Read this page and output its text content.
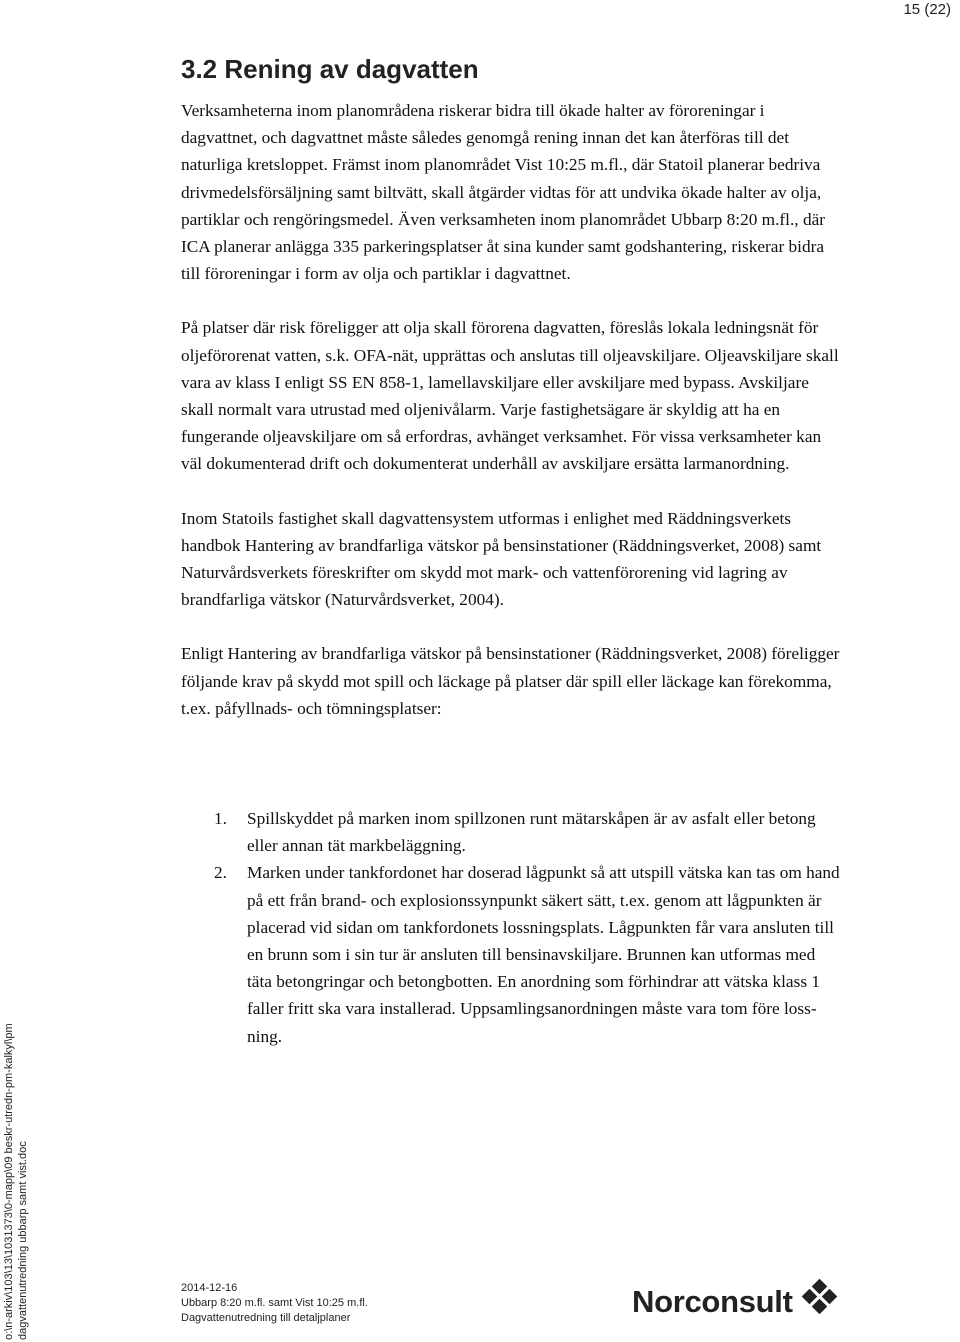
15 (22)
3.2 Rening av dagvatten

Verksamheterna inom planområdena riskerar bidra till ökade halter av föroreningar i dagvattnet, och dagvattnet måste således genomgå rening innan det kan återföras till det naturliga kretsloppet. Främst inom planområdet Vist 10:25 m.fl., där Statoil planerar bedriva drivmedelsförsäljning samt biltvätt, skall åtgärder vidtas för att undvika ökade halter av olja, partiklar och rengöringsmedel. Även verksamheten inom planområdet Ubbarp 8:20 m.fl., där ICA planerar anlägga 335 parkeringsplatser åt sina kunder samt godshantering, riskerar bidra till föroreningar i form av olja och partiklar i dagvattnet.

På platser där risk föreligger att olja skall förorena dagvatten, föreslås lokala ledningsnät för oljeförorenat vatten, s.k. OFA-nät, upprättas och anslutas till oljeavskiljare. Oljeavskiljare skall vara av klass I enligt SS EN 858-1, lamellavskiljare eller avskiljare med bypass. Avskiljare skall normalt vara utrustad med oljenivålarm. Varje fastighetsägare är skyldig att ha en fungerande oljeavskiljare om så erfordras, avhänget verksamhet. För vissa verksamheter kan väl dokumenterad drift och dokumenterat underhåll av avskiljare ersätta larmanordning.

Inom Statoils fastighet skall dagvattensystem utformas i enlighet med Räddningsverkets handbok Hantering av brandfarliga vätskor på bensinstationer (Räddningsverket, 2008) samt Naturvårdsverkets föreskrifter om skydd mot mark- och vattenförorening vid lagring av brandfarliga vätskor (Naturvårdsverket, 2004).

Enligt Hantering av brandfarliga vätskor på bensinstationer (Räddningsverket, 2008) föreligger följande krav på skydd mot spill och läckage på platser där spill eller läckage kan förekomma, t.ex. påfyllnads- och tömningsplatser:

1. Spillskyddet på marken inom spillzonen runt mätarskåpen är av asfalt eller betong eller annan tät markbeläggning.
2. Marken under tankfordonet har doserad lågpunkt så att utspill vätska kan tas om hand på ett från brand- och explosionssynpunkt säkert sätt, t.ex. genom att lågpunkten är placerad vid sidan om tankfordonets lossningsplats. Lågpunkten får vara ansluten till en brunn som i sin tur är ansluten till bensinavskiljare. Brunnen kan utformas med täta betongringar och betongbotten. En anordning som förhindrar att vätska klass 1 faller fritt ska vara installerad. Uppsamlingsanordningen måste vara tom före lossning.
o:\n-arkiv\103\13\1031373\0-mapp\09 beskr-utredn-pm-kalkyl\pm dagvattenutredning ubbarp samt vist.doc	2014-12-16
Ubbarp 8:20 m.fl. samt Vist 10:25 m.fl.
Dagvattenutredning till detaljplaner	Norconsult
